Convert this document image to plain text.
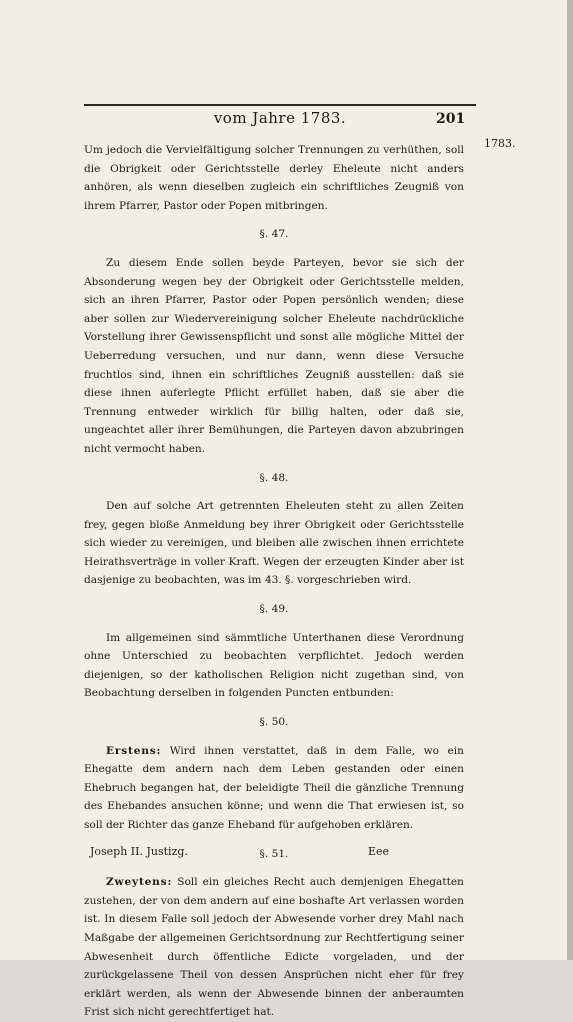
vom Jahre 1783.	201
1783.

Um jedoch die Vervielfältigung solcher Trennungen zu verhüthen, soll die Obrigkeit oder Gerichtsstelle derley Eheleute nicht anders anhören, als wenn dieselben zugleich ein schriftliches Zeugniß von ihrem Pfarrer, Pastor oder Popen mitbringen.

§. 47.

Zu diesem Ende sollen beyde Parteyen, bevor sie sich der Absonderung wegen bey der Obrigkeit oder Gerichtsstelle melden, sich an ihren Pfarrer, Pastor oder Popen persönlich wenden; diese aber sollen zur Wiedervereinigung solcher Eheleute nachdrückliche Vorstellung ihrer Gewissenspflicht und sonst alle mögliche Mittel der Ueberredung versuchen, und nur dann, wenn diese Versuche fruchtlos sind, ihnen ein schriftliches Zeugniß ausstellen: daß sie diese ihnen auferlegte Pflicht erfüllet haben, daß sie aber die Trennung entweder wirklich für billig halten, oder daß sie, ungeachtet aller ihrer Bemühungen, die Parteyen davon abzubringen nicht vermocht haben.

§. 48.

Den auf solche Art getrennten Eheleuten steht zu allen Zeiten frey, gegen bloße Anmeldung bey ihrer Obrigkeit oder Gerichtsstelle sich wieder zu vereinigen, und bleiben alle zwischen ihnen errichtete Heirathsverträge in voller Kraft. Wegen der erzeugten Kinder aber ist dasjenige zu beobachten, was im 43. §. vorgeschrieben wird.

§. 49.

Im allgemeinen sind sämmtliche Unterthanen diese Verordnung ohne Unterschied zu beobachten verpflichtet. Jedoch werden diejenigen, so der katholischen Religion nicht zugethan sind, von Beobachtung derselben in folgenden Puncten entbunden:

§. 50.

Erstens: Wird ihnen verstattet, daß in dem Falle, wo ein Ehegatte dem andern nach dem Leben gestanden oder einen Ehebruch begangen hat, der beleidigte Theil die gänzliche Trennung des Ehebandes ansuchen könne; und wenn die That erwiesen ist, so soll der Richter das ganze Eheband für aufgehoben erklären.

§. 51.

Zweytens: Soll ein gleiches Recht auch demjenigen Ehegatten zustehen, der von dem andern auf eine boshafte Art verlassen worden ist. In diesem Falle soll jedoch der Abwesende vorher drey Mahl nach Maßgabe der allgemeinen Gerichtsordnung zur Rechtfertigung seiner Abwesenheit durch öffentliche Edicte vorgeladen, und der zurückgelassene Theil von dessen Ansprüchen nicht eher für frey erklärt werden, als wenn der Abwesende binnen der anberaumten Frist sich nicht gerechtfertiget hat.

Joseph II. Justizg.	Eee
